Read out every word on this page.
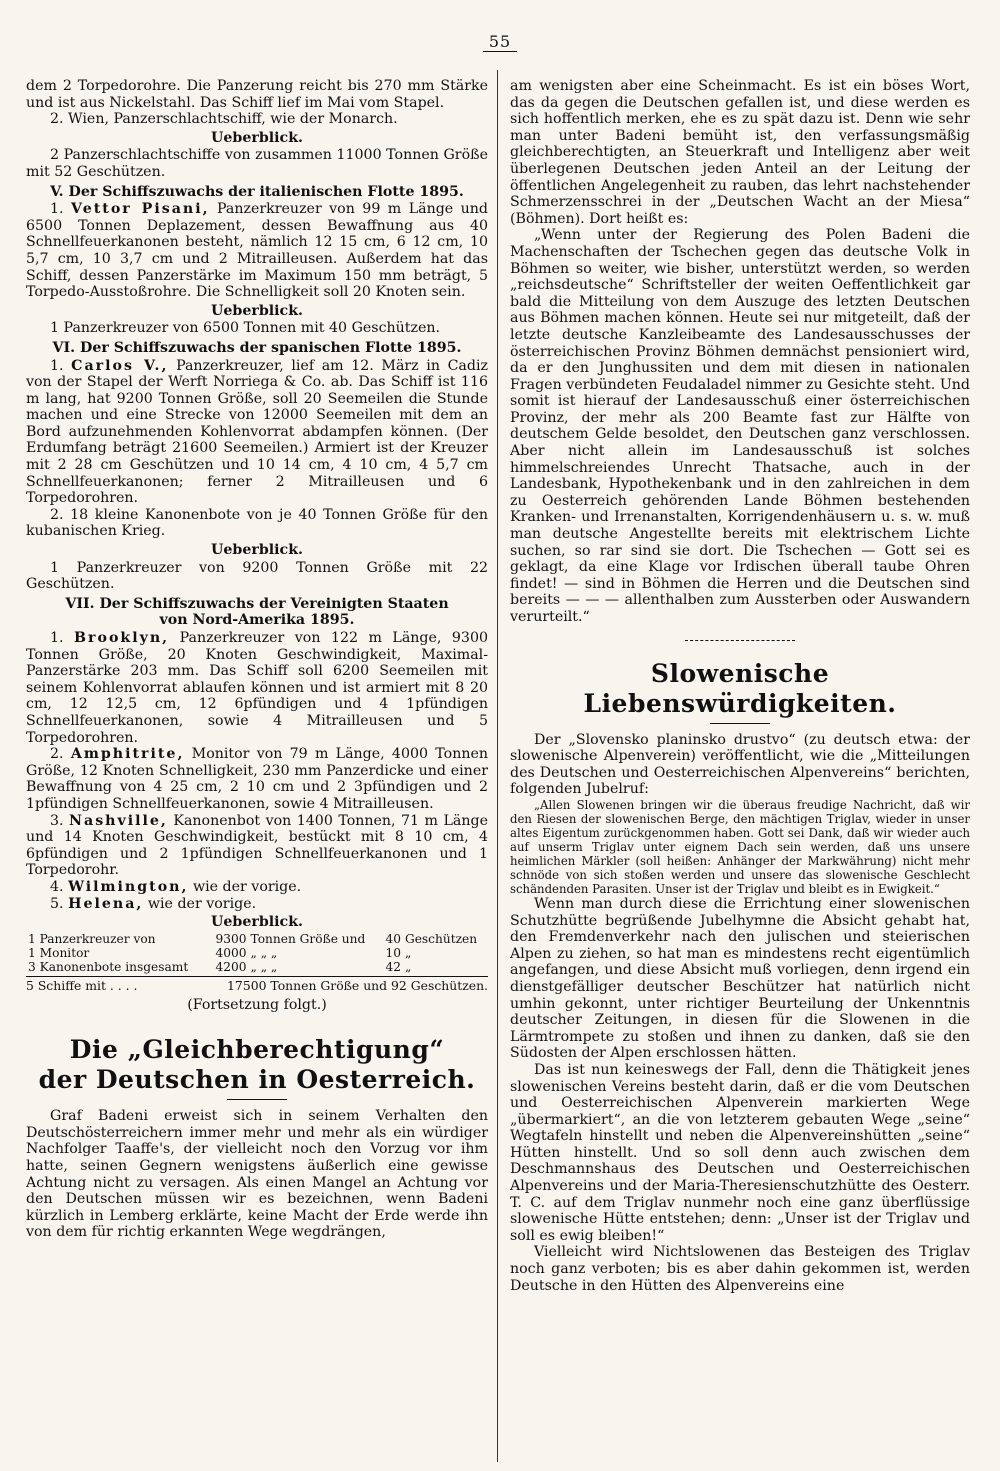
55

dem 2 Torpedorohre. Die Panzerung reicht bis 270 mm Stärke und ist aus Nickelstahl. Das Schiff lief im Mai vom Stapel.

2. Wien, Panzerschlachtschiff, wie der Monarch.

Ueberblick.

2 Panzerschlachtschiffe von zusammen 11000 Tonnen Größe mit 52 Geschützen.

V. Der Schiffszuwachs der italienischen Flotte 1895.

1. Vettor Pisani, Panzerkreuzer von 99 m Länge und 6500 Tonnen Deplazement, dessen Bewaffnung aus 40 Schnellfeuerkanonen besteht, nämlich 12 15 cm, 6 12 cm, 10 5,7 cm, 10 3,7 cm und 2 Mitrailleusen. Außerdem hat das Schiff, dessen Panzerstärke im Maximum 150 mm beträgt, 5 Torpedo-Ausstoßrohre. Die Schnelligkeit soll 20 Knoten sein.

Ueberblick.

1 Panzerkreuzer von 6500 Tonnen mit 40 Geschützen.

VI. Der Schiffszuwachs der spanischen Flotte 1895.

1. Carlos V., Panzerkreuzer, lief am 12. März in Cadiz von der Stapel der Werft Norriega & Co. ab. Das Schiff ist 116 m lang, hat 9200 Tonnen Größe, soll 20 Seemeilen die Stunde machen und eine Strecke von 12000 Seemeilen mit dem an Bord aufzunehmenden Kohlenvorrat abdampfen können. (Der Erdumfang beträgt 21600 Seemeilen.) Armiert ist der Kreuzer mit 2 28 cm Geschützen und 10 14 cm, 4 10 cm, 4 5,7 cm Schnellfeuerkanonen; ferner 2 Mitrailleusen und 6 Torpedorohren.

2. 18 kleine Kanonenbote von je 40 Tonnen Größe für den kubanischen Krieg.

Ueberblick.

1 Panzerkreuzer von 9200 Tonnen Größe mit 22 Geschützen.

VII. Der Schiffszuwachs der Vereinigten Staaten

von Nord-Amerika 1895.

1. Brooklyn, Panzerkreuzer von 122 m Länge, 9300 Tonnen Größe, 20 Knoten Geschwindigkeit, Maximal-Panzerstärke 203 mm. Das Schiff soll 6200 Seemeilen mit seinem Kohlenvorrat ablaufen können und ist armiert mit 8 20 cm, 12 12,5 cm, 12 6pfündigen und 4 1pfündigen Schnellfeuerkanonen, sowie 4 Mitrailleusen und 5 Torpedorohren.

2. Amphitrite, Monitor von 79 m Länge, 4000 Tonnen Größe, 12 Knoten Schnelligkeit, 230 mm Panzerdicke und einer Bewaffnung von 4 25 cm, 2 10 cm und 2 3pfündigen und 2 1pfündigen Schnellfeuerkanonen, sowie 4 Mitrailleusen.

3. Nashville, Kanonenbot von 1400 Tonnen, 71 m Länge und 14 Knoten Geschwindigkeit, bestückt mit 8 10 cm, 4 6pfündigen und 2 1pfündigen Schnellfeuerkanonen und 1 Torpedorohr.

4. Wilmington, wie der vorige.

5. Helena, wie der vorige.

Ueberblick.

1 Panzerkreuzer von	9300	Tonnen Größe und	40	Geschützen
1 Monitor	4000	„ „ „	10	„
3 Kanonenbote insgesamt	4200	„ „ „	42	„
5 Schiffe mit . . . .	17500 Tonnen Größe und 92 Geschützen.

(Fortsetzung folgt.)

Die „Gleichberechtigung“
der Deutschen in Oesterreich.

Graf Badeni erweist sich in seinem Verhalten den Deutschösterreichern immer mehr und mehr als ein würdiger Nachfolger Taaffe's, der vielleicht noch den Vorzug vor ihm hatte, seinen Gegnern wenigstens äußerlich eine gewisse Achtung nicht zu versagen. Als einen Mangel an Achtung vor den Deutschen müssen wir es bezeichnen, wenn Badeni kürzlich in Lemberg erklärte, keine Macht der Erde werde ihn von dem für richtig erkannten Wege wegdrängen,

am wenigsten aber eine Scheinmacht. Es ist ein böses Wort, das da gegen die Deutschen gefallen ist, und diese werden es sich hoffentlich merken, ehe es zu spät dazu ist. Denn wie sehr man unter Badeni bemüht ist, den verfassungsmäßig gleichberechtigten, an Steuerkraft und Intelligenz aber weit überlegenen Deutschen jeden Anteil an der Leitung der öffentlichen Angelegenheit zu rauben, das lehrt nachstehender Schmerzensschrei in der „Deutschen Wacht an der Miesa“ (Böhmen). Dort heißt es:

„Wenn unter der Regierung des Polen Badeni die Machenschaften der Tschechen gegen das deutsche Volk in Böhmen so weiter, wie bisher, unterstützt werden, so werden „reichsdeutsche“ Schriftsteller der weiten Oeffentlichkeit gar bald die Mitteilung von dem Auszuge des letzten Deutschen aus Böhmen machen können. Heute sei nur mitgeteilt, daß der letzte deutsche Kanzleibeamte des Landesausschusses der österreichischen Provinz Böhmen demnächst pensioniert wird, da er den Junghussiten und dem mit diesen in nationalen Fragen verbündeten Feudaladel nimmer zu Gesichte steht. Und somit ist hierauf der Landesausschuß einer österreichischen Provinz, der mehr als 200 Beamte fast zur Hälfte von deutschem Gelde besoldet, den Deutschen ganz verschlossen. Aber nicht allein im Landesausschuß ist solches himmelschreiendes Unrecht Thatsache, auch in der Landesbank, Hypothekenbank und in den zahlreichen in dem zu Oesterreich gehörenden Lande Böhmen bestehenden Kranken- und Irrenanstalten, Korrigendenhäusern u. s. w. muß man deutsche Angestellte bereits mit elektrischem Lichte suchen, so rar sind sie dort. Die Tschechen — Gott sei es geklagt, da eine Klage vor Irdischen überall taube Ohren findet! — sind in Böhmen die Herren und die Deutschen sind bereits — — — allenthalben zum Aussterben oder Auswandern verurteilt.“

Slowenische Liebenswürdigkeiten.

Der „Slovensko planinsko drustvo“ (zu deutsch etwa: der slowenische Alpenverein) veröffentlicht, wie die „Mitteilungen des Deutschen und Oesterreichischen Alpenvereins“ berichten, folgenden Jubelruf:

„Allen Slowenen bringen wir die überaus freudige Nachricht, daß wir den Riesen der slowenischen Berge, den mächtigen Triglav, wieder in unser altes Eigentum zurückgenommen haben. Gott sei Dank, daß wir wieder auch auf unserm Triglav unter eignem Dach sein werden, daß uns unsere heimlichen Märkler (soll heißen: Anhänger der Markwährung) nicht mehr schnöde von sich stoßen werden und unsere das slowenische Geschlecht schändenden Parasiten. Unser ist der Triglav und bleibt es in Ewigkeit.“

Wenn man durch diese die Errichtung einer slowenischen Schutzhütte begrüßende Jubelhymne die Absicht gehabt hat, den Fremdenverkehr nach den julischen und steierischen Alpen zu ziehen, so hat man es mindestens recht eigentümlich angefangen, und diese Absicht muß vorliegen, denn irgend ein dienstgefälliger deutscher Beschützer hat natürlich nicht umhin gekonnt, unter richtiger Beurteilung der Unkenntnis deutscher Zeitungen, in diesen für die Slowenen in die Lärmtrompete zu stoßen und ihnen zu danken, daß sie den Südosten der Alpen erschlossen hätten.

Das ist nun keineswegs der Fall, denn die Thätigkeit jenes slowenischen Vereins besteht darin, daß er die vom Deutschen und Oesterreichischen Alpenverein markierten Wege „übermarkiert“, an die von letzterem gebauten Wege „seine“ Wegtafeln hinstellt und neben die Alpenvereinshütten „seine“ Hütten hinstellt. Und so soll denn auch zwischen dem Deschmannshaus des Deutschen und Oesterreichischen Alpenvereins und der Maria-Theresienschutzhütte des Oesterr. T. C. auf dem Triglav nunmehr noch eine ganz überflüssige slowenische Hütte entstehen; denn: „Unser ist der Triglav und soll es ewig bleiben!“

Vielleicht wird Nichtslowenen das Besteigen des Triglav noch ganz verboten; bis es aber dahin gekommen ist, werden Deutsche in den Hütten des Alpenvereins eine
